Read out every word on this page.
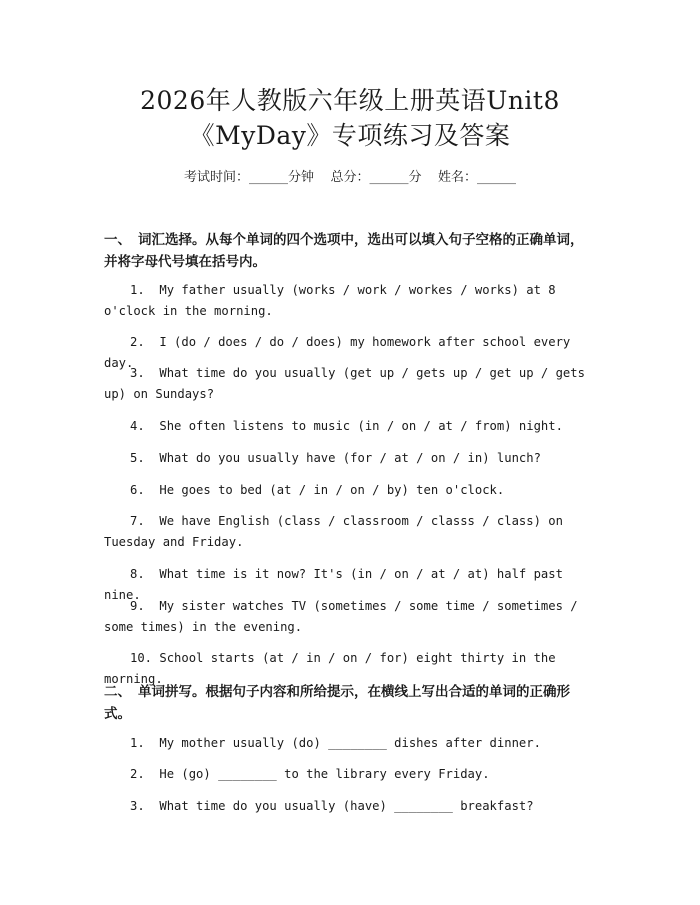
2026年人教版六年级上册英语Unit8
《MyDay》专项练习及答案
考试时间：______分钟    总分：______分    姓名：______
一、 词汇选择。从每个单词的四个选项中，选出可以填入句子空格的正确单词，并将字母代号填在括号内。
1. My father usually (works / work / workes / works) at 8 o'clock in the morning.
2. I (do / does / do / does) my homework after school every day.
3. What time do you usually (get up / gets up / get up / gets up) on Sundays?
4. She often listens to music (in / on / at / from) night.
5. What do you usually have (for / at / on / in) lunch?
6. He goes to bed (at / in / on / by) ten o'clock.
7. We have English (class / classroom / classs / class) on Tuesday and Friday.
8. What time is it now? It's (in / on / at / at) half past nine.
9. My sister watches TV (sometimes / some time / sometimes / some times) in the evening.
10. School starts (at / in / on / for) eight thirty in the morning.
二、 单词拼写。根据句子内容和所给提示，在横线上写出合适的单词的正确形式。
1. My mother usually (do) ________ dishes after dinner.
2. He (go) ________ to the library every Friday.
3. What time do you usually (have) ________ breakfast?
